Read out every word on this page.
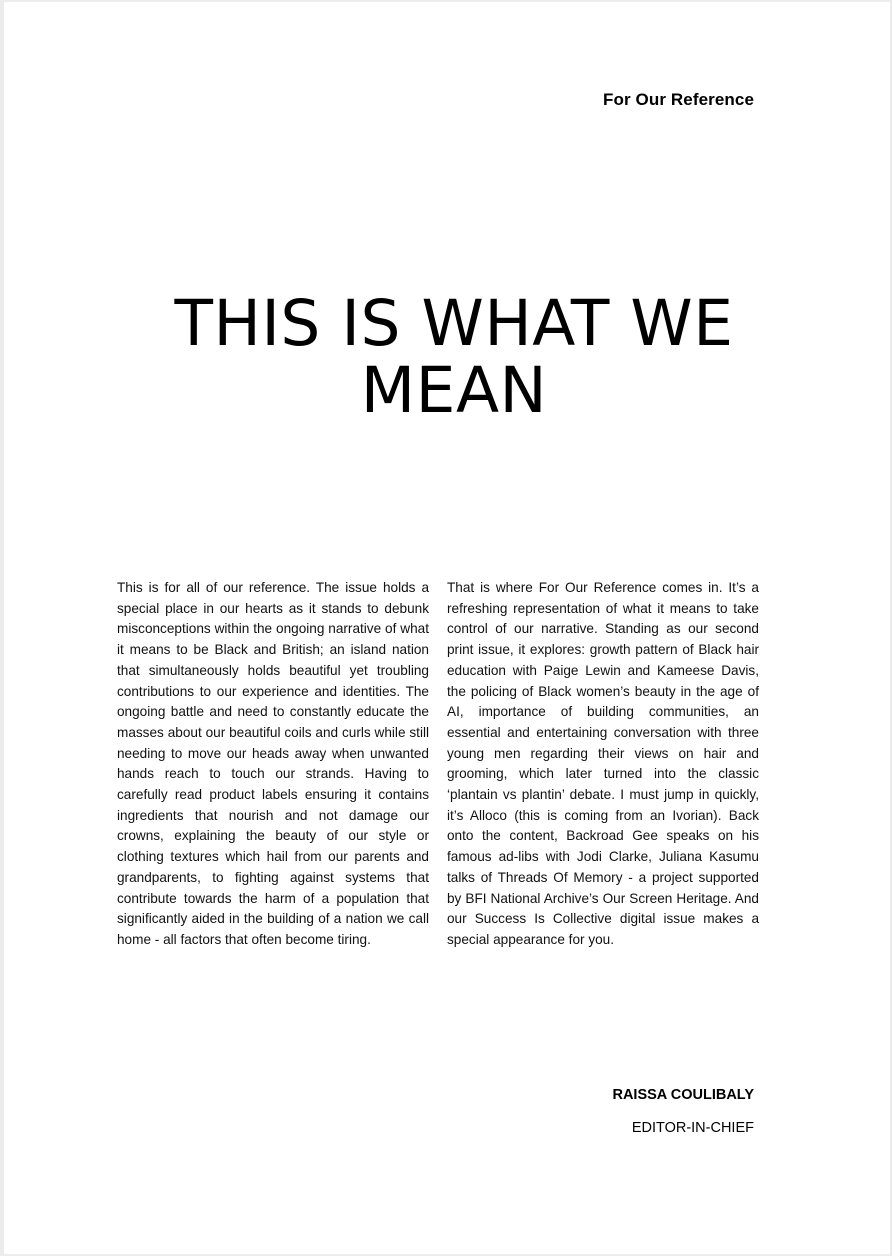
For Our Reference
THIS IS WHAT WE MEAN

This is for all of our reference. The issue holds a special place in our hearts as it stands to debunk misconceptions within the ongoing narrative of what it means to be Black and British; an island nation that simultaneously holds beautiful yet troubling contributions to our experience and identities. The ongoing battle and need to constantly educate the masses about our beautiful coils and curls while still needing to move our heads away when unwanted hands reach to touch our strands. Having to carefully read product labels ensuring it contains ingredients that nourish and not damage our crowns, explaining the beauty of our style or clothing textures which hail from our parents and grandparents, to fighting against systems that contribute towards the harm of a population that significantly aided in the building of a nation we call home - all factors that often become tiring.

That is where For Our Reference comes in. It’s a refreshing representation of what it means to take control of our narrative. Standing as our second print issue, it explores: growth pattern of Black hair education with Paige Lewin and Kameese Davis, the policing of Black women’s beauty in the age of AI, importance of building communities, an essential and entertaining conversation with three young men regarding their views on hair and grooming, which later turned into the classic ‘plantain vs plantin’ debate. I must jump in quickly, it’s Alloco (this is coming from an Ivorian). Back onto the content, Backroad Gee speaks on his famous ad-libs with Jodi Clarke, Juliana Kasumu talks of Threads Of Memory - a project supported by BFI National Archive’s Our Screen Heritage. And our Success Is Collective digital issue makes a special appearance for you.

RAISSA COULIBALY
EDITOR-IN-CHIEF
